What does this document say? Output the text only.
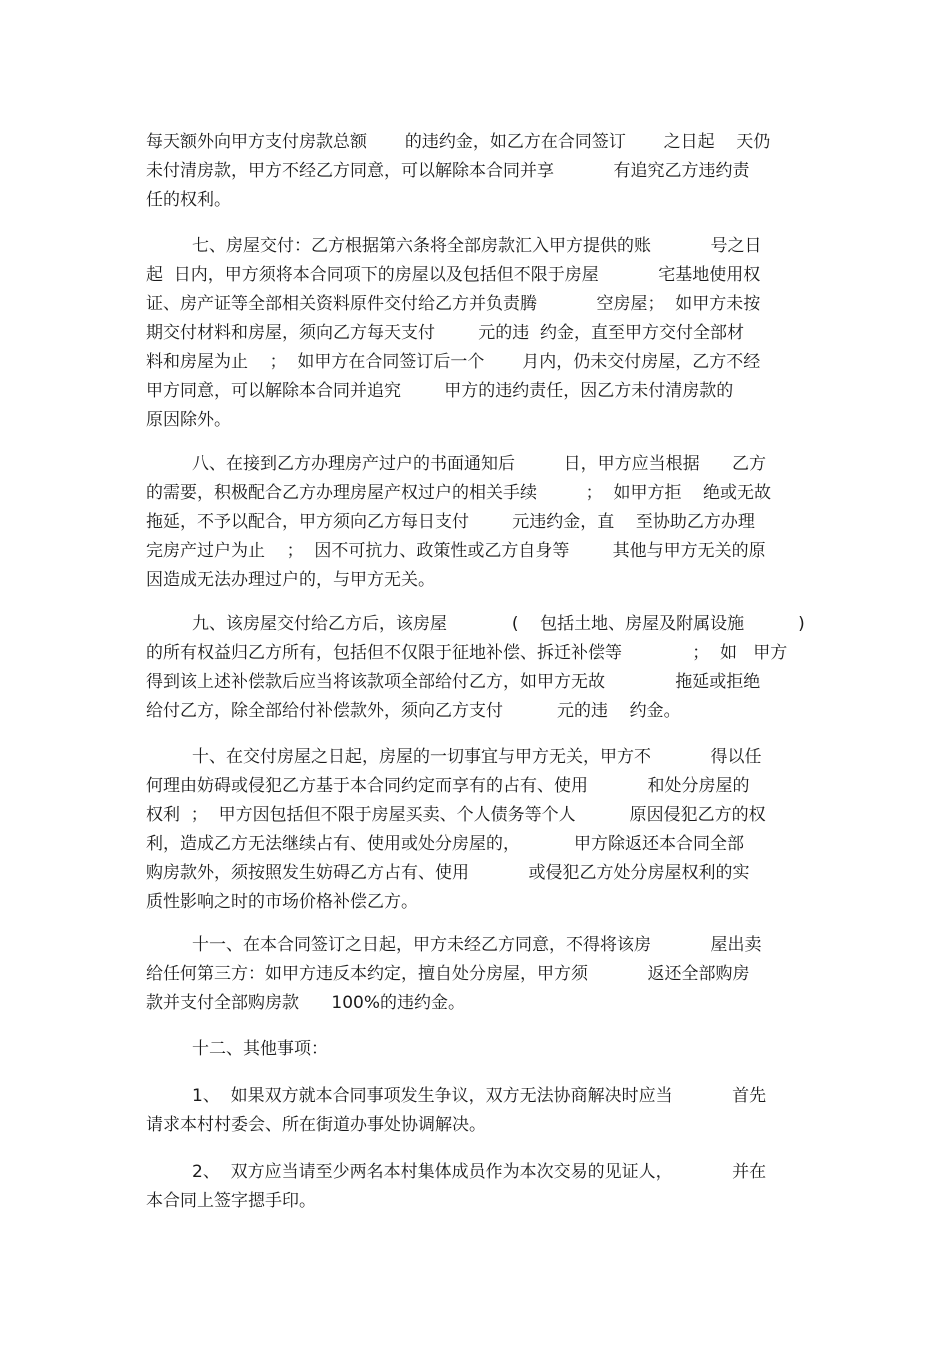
每天额外向甲方支付房款总额       的违约金，如乙方在合同签订       之日起    天仍
未付清房款，甲方不经乙方同意，可以解除本合同并享           有追究乙方违约责
任的权利。
七、房屋交付：乙方根据第六条将全部房款汇入甲方提供的账           号之日
起  日内，甲方须将本合同项下的房屋以及包括但不限于房屋           宅基地使用权
证、房产证等全部相关资料原件交付给乙方并负责腾           空房屋；  如甲方未按
期交付材料和房屋，须向乙方每天支付        元的违  约金，直至甲方交付全部材
料和房屋为止    ；  如甲方在合同签订后一个       月内，仍未交付房屋，乙方不经
甲方同意，可以解除本合同并追究        甲方的违约责任，因乙方未付清房款的
原因除外。
八、在接到乙方办理房产过户的书面通知后         日，甲方应当根据      乙方
的需要，积极配合乙方办理房屋产权过户的相关手续         ；  如甲方拒    绝或无故
拖延，不予以配合，甲方须向乙方每日支付        元违约金，直    至协助乙方办理
完房产过户为止    ；  因不可抗力、政策性或乙方自身等        其他与甲方无关的原
因造成无法办理过户的，与甲方无关。
九、该房屋交付给乙方后，该房屋            (    包括土地、房屋及附属设施          )
的所有权益归乙方所有，包括但不仅限于征地补偿、拆迁补偿等             ；  如   甲方
得到该上述补偿款后应当将该款项全部给付乙方，如甲方无故             拖延或拒绝
给付乙方，除全部给付补偿款外，须向乙方支付          元的违    约金。
十、在交付房屋之日起，房屋的一切事宜与甲方无关，甲方不           得以任
何理由妨碍或侵犯乙方基于本合同约定而享有的占有、使用           和处分房屋的
权利  ；  甲方因包括但不限于房屋买卖、个人债务等个人          原因侵犯乙方的权
利，造成乙方无法继续占有、使用或处分房屋的，          甲方除返还本合同全部
购房款外，须按照发生妨碍乙方占有、使用           或侵犯乙方处分房屋权利的实
质性影响之时的市场价格补偿乙方。
十一、在本合同签订之日起，甲方未经乙方同意，不得将该房           屋出卖
给任何第三方：如甲方违反本约定，擅自处分房屋，甲方须           返还全部购房
款并支付全部购房款      100%的违约金。
十二、其他事项：
1、  如果双方就本合同事项发生争议，双方无法协商解决时应当           首先
请求本村村委会、所在街道办事处协调解决。
2、  双方应当请至少两名本村集体成员作为本次交易的见证人，           并在
本合同上签字摁手印。
